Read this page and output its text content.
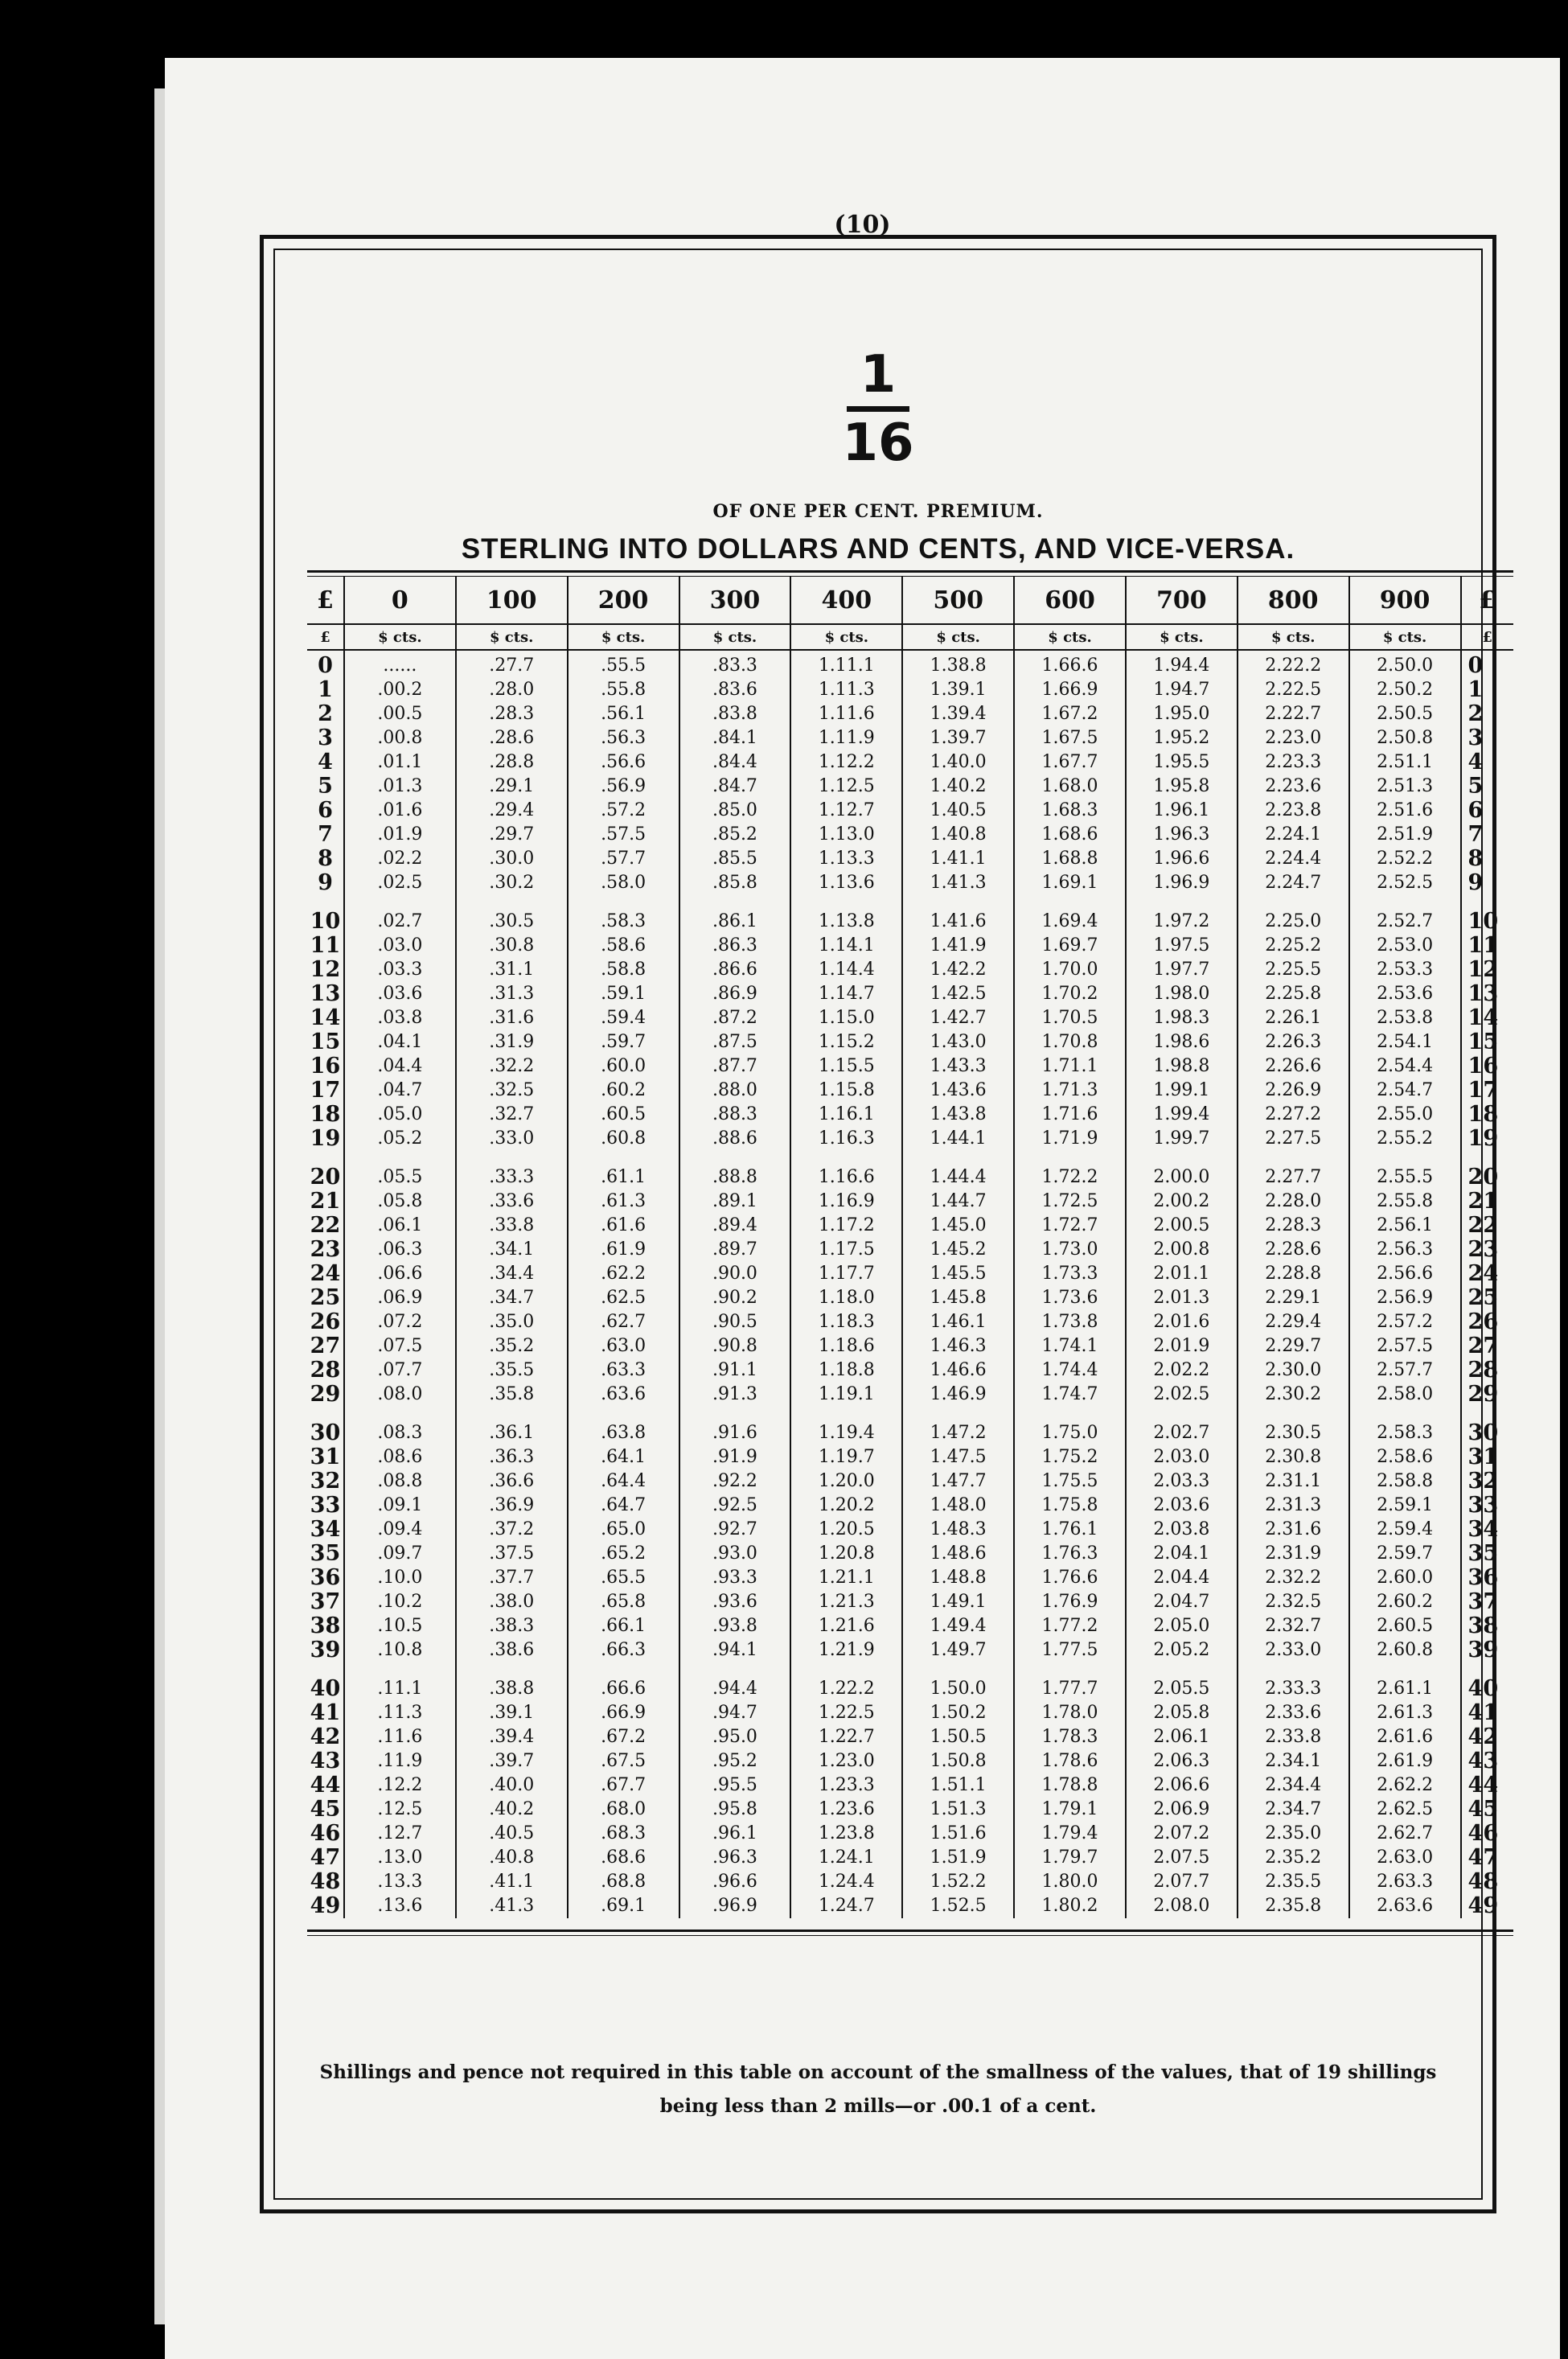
(10)
1
16
OF ONE PER CENT. PREMIUM.
STERLING INTO DOLLARS AND CENTS, AND VICE-VERSA.
£	0	100	200	300	400	500	600	700	800	900	£
£	$ cts.	$ cts.	$ cts.	$ cts.	$ cts.	$ cts.	$ cts.	$ cts.	$ cts.	$ cts.	£
0	......	.27.7	.55.5	.83.3	1.11.1	1.38.8	1.66.6	1.94.4	2.22.2	2.50.0	0
1	.00.2	.28.0	.55.8	.83.6	1.11.3	1.39.1	1.66.9	1.94.7	2.22.5	2.50.2	1
2	.00.5	.28.3	.56.1	.83.8	1.11.6	1.39.4	1.67.2	1.95.0	2.22.7	2.50.5	2
3	.00.8	.28.6	.56.3	.84.1	1.11.9	1.39.7	1.67.5	1.95.2	2.23.0	2.50.8	3
4	.01.1	.28.8	.56.6	.84.4	1.12.2	1.40.0	1.67.7	1.95.5	2.23.3	2.51.1	4
5	.01.3	.29.1	.56.9	.84.7	1.12.5	1.40.2	1.68.0	1.95.8	2.23.6	2.51.3	5
6	.01.6	.29.4	.57.2	.85.0	1.12.7	1.40.5	1.68.3	1.96.1	2.23.8	2.51.6	6
7	.01.9	.29.7	.57.5	.85.2	1.13.0	1.40.8	1.68.6	1.96.3	2.24.1	2.51.9	7
8	.02.2	.30.0	.57.7	.85.5	1.13.3	1.41.1	1.68.8	1.96.6	2.24.4	2.52.2	8
9	.02.5	.30.2	.58.0	.85.8	1.13.6	1.41.3	1.69.1	1.96.9	2.24.7	2.52.5	9
10	.02.7	.30.5	.58.3	.86.1	1.13.8	1.41.6	1.69.4	1.97.2	2.25.0	2.52.7	10
11	.03.0	.30.8	.58.6	.86.3	1.14.1	1.41.9	1.69.7	1.97.5	2.25.2	2.53.0	11
12	.03.3	.31.1	.58.8	.86.6	1.14.4	1.42.2	1.70.0	1.97.7	2.25.5	2.53.3	12
13	.03.6	.31.3	.59.1	.86.9	1.14.7	1.42.5	1.70.2	1.98.0	2.25.8	2.53.6	13
14	.03.8	.31.6	.59.4	.87.2	1.15.0	1.42.7	1.70.5	1.98.3	2.26.1	2.53.8	14
15	.04.1	.31.9	.59.7	.87.5	1.15.2	1.43.0	1.70.8	1.98.6	2.26.3	2.54.1	15
16	.04.4	.32.2	.60.0	.87.7	1.15.5	1.43.3	1.71.1	1.98.8	2.26.6	2.54.4	16
17	.04.7	.32.5	.60.2	.88.0	1.15.8	1.43.6	1.71.3	1.99.1	2.26.9	2.54.7	17
18	.05.0	.32.7	.60.5	.88.3	1.16.1	1.43.8	1.71.6	1.99.4	2.27.2	2.55.0	18
19	.05.2	.33.0	.60.8	.88.6	1.16.3	1.44.1	1.71.9	1.99.7	2.27.5	2.55.2	19
20	.05.5	.33.3	.61.1	.88.8	1.16.6	1.44.4	1.72.2	2.00.0	2.27.7	2.55.5	20
21	.05.8	.33.6	.61.3	.89.1	1.16.9	1.44.7	1.72.5	2.00.2	2.28.0	2.55.8	21
22	.06.1	.33.8	.61.6	.89.4	1.17.2	1.45.0	1.72.7	2.00.5	2.28.3	2.56.1	22
23	.06.3	.34.1	.61.9	.89.7	1.17.5	1.45.2	1.73.0	2.00.8	2.28.6	2.56.3	23
24	.06.6	.34.4	.62.2	.90.0	1.17.7	1.45.5	1.73.3	2.01.1	2.28.8	2.56.6	24
25	.06.9	.34.7	.62.5	.90.2	1.18.0	1.45.8	1.73.6	2.01.3	2.29.1	2.56.9	25
26	.07.2	.35.0	.62.7	.90.5	1.18.3	1.46.1	1.73.8	2.01.6	2.29.4	2.57.2	26
27	.07.5	.35.2	.63.0	.90.8	1.18.6	1.46.3	1.74.1	2.01.9	2.29.7	2.57.5	27
28	.07.7	.35.5	.63.3	.91.1	1.18.8	1.46.6	1.74.4	2.02.2	2.30.0	2.57.7	28
29	.08.0	.35.8	.63.6	.91.3	1.19.1	1.46.9	1.74.7	2.02.5	2.30.2	2.58.0	29
30	.08.3	.36.1	.63.8	.91.6	1.19.4	1.47.2	1.75.0	2.02.7	2.30.5	2.58.3	30
31	.08.6	.36.3	.64.1	.91.9	1.19.7	1.47.5	1.75.2	2.03.0	2.30.8	2.58.6	31
32	.08.8	.36.6	.64.4	.92.2	1.20.0	1.47.7	1.75.5	2.03.3	2.31.1	2.58.8	32
33	.09.1	.36.9	.64.7	.92.5	1.20.2	1.48.0	1.75.8	2.03.6	2.31.3	2.59.1	33
34	.09.4	.37.2	.65.0	.92.7	1.20.5	1.48.3	1.76.1	2.03.8	2.31.6	2.59.4	34
35	.09.7	.37.5	.65.2	.93.0	1.20.8	1.48.6	1.76.3	2.04.1	2.31.9	2.59.7	35
36	.10.0	.37.7	.65.5	.93.3	1.21.1	1.48.8	1.76.6	2.04.4	2.32.2	2.60.0	36
37	.10.2	.38.0	.65.8	.93.6	1.21.3	1.49.1	1.76.9	2.04.7	2.32.5	2.60.2	37
38	.10.5	.38.3	.66.1	.93.8	1.21.6	1.49.4	1.77.2	2.05.0	2.32.7	2.60.5	38
39	.10.8	.38.6	.66.3	.94.1	1.21.9	1.49.7	1.77.5	2.05.2	2.33.0	2.60.8	39
40	.11.1	.38.8	.66.6	.94.4	1.22.2	1.50.0	1.77.7	2.05.5	2.33.3	2.61.1	40
41	.11.3	.39.1	.66.9	.94.7	1.22.5	1.50.2	1.78.0	2.05.8	2.33.6	2.61.3	41
42	.11.6	.39.4	.67.2	.95.0	1.22.7	1.50.5	1.78.3	2.06.1	2.33.8	2.61.6	42
43	.11.9	.39.7	.67.5	.95.2	1.23.0	1.50.8	1.78.6	2.06.3	2.34.1	2.61.9	43
44	.12.2	.40.0	.67.7	.95.5	1.23.3	1.51.1	1.78.8	2.06.6	2.34.4	2.62.2	44
45	.12.5	.40.2	.68.0	.95.8	1.23.6	1.51.3	1.79.1	2.06.9	2.34.7	2.62.5	45
46	.12.7	.40.5	.68.3	.96.1	1.23.8	1.51.6	1.79.4	2.07.2	2.35.0	2.62.7	46
47	.13.0	.40.8	.68.6	.96.3	1.24.1	1.51.9	1.79.7	2.07.5	2.35.2	2.63.0	47
48	.13.3	.41.1	.68.8	.96.6	1.24.4	1.52.2	1.80.0	2.07.7	2.35.5	2.63.3	48
49	.13.6	.41.3	.69.1	.96.9	1.24.7	1.52.5	1.80.2	2.08.0	2.35.8	2.63.6	49
Shillings and pence not required in this table on account of the smallness of the values, that of 19 shillings
being less than 2 mills—or .00.1 of a cent.
